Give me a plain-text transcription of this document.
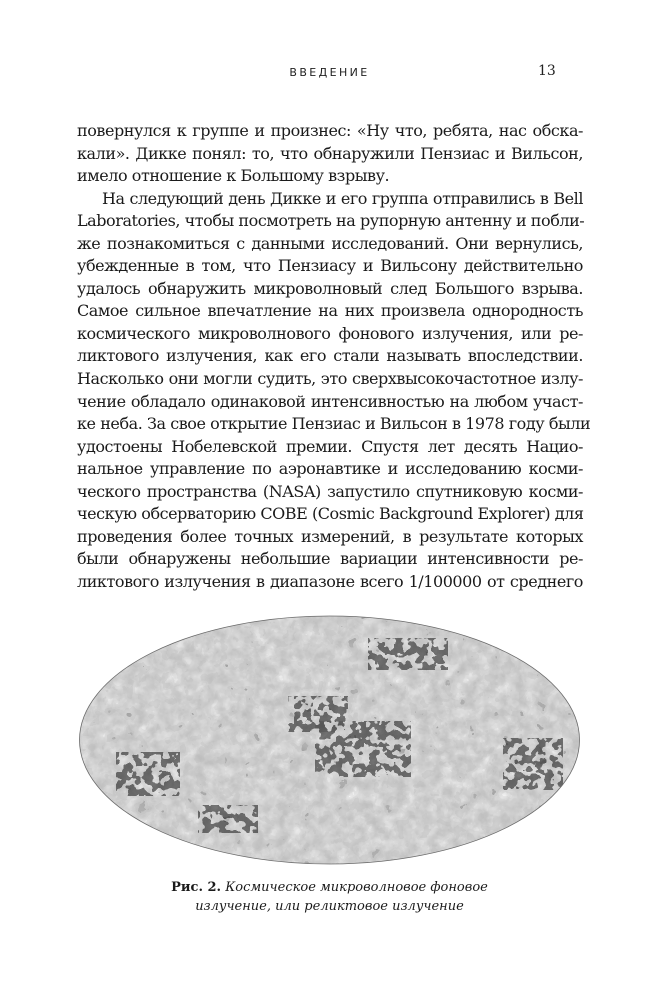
ВВЕДЕНИЕ	13
повернулся к группе и произнес: «Ну что, ребята, нас обска-
кали». Дикке понял: то, что обнаружили Пензиас и Вильсон,
имело отношение к Большому взрыву.
На следующий день Дикке и его группа отправились в Bell
Laboratories, чтобы посмотреть на рупорную антенну и побли-
же познакомиться с данными исследований. Они вернулись,
убежденные в том, что Пензиасу и Вильсону действительно
удалось обнаружить микроволновый след Большого взрыва.
Самое сильное впечатление на них произвела однородность
космического микроволнового фонового излучения, или ре-
ликтового излучения, как его стали называть впоследствии.
Насколько они могли судить, это сверхвысокочастотное излу-
чение обладало одинаковой интенсивностью на любом участ-
ке неба. За свое открытие Пензиас и Вильсон в 1978 году были
удостоены Нобелевской премии. Спустя лет десять Нацио-
нальное управление по аэронавтике и исследованию косми-
ческого пространства (NASA) запустило спутниковую косми-
ческую обсерваторию COBE (Cosmic Background Explorer) для
проведения более точных измерений, в результате которых
были обнаружены небольшие вариации интенсивности ре-
ликтового излучения в диапазоне всего 1/100000 от среднего
Рис. 2. Космическое микроволновое фоновое
излучение, или реликтовое излучение
